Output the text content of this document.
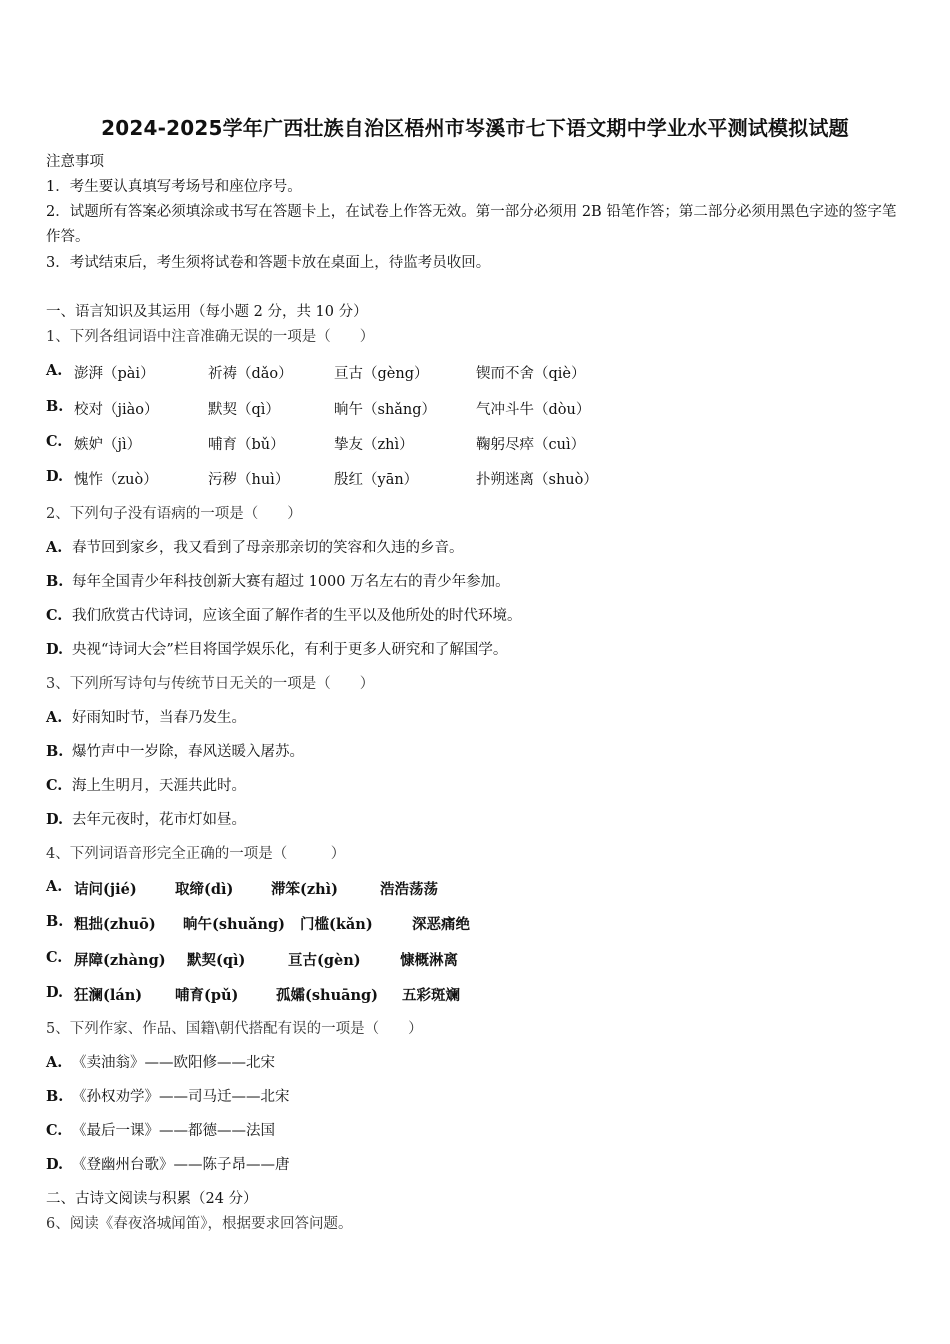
2024-2025学年广西壮族自治区梧州市岑溪市七下语文期中学业水平测试模拟试题
注意事项
1．考生要认真填写考场号和座位序号。
2．试题所有答案必须填涂或书写在答题卡上，在试卷上作答无效。第一部分必须用 2B 铅笔作答；第二部分必须用黑色字迹的签字笔作答。
3．考试结束后，考生须将试卷和答题卡放在桌面上，待监考员收回。
一、语言知识及其运用（每小题 2 分，共 10 分）
1、下列各组词语中注音准确无误的一项是（　　）
A. 澎湃（pài）	祈祷（dǎo）	亘古（gèng）	锲而不舍（qiè）
B. 校对（jiào）	默契（qì）	晌午（shǎng）	气冲斗牛（dòu）
C. 嫉妒（jì）	哺育（bǔ）	挚友（zhì）	鞠躬尽瘁（cuì）
D. 愧怍（zuò）	污秽（huì）	殷红（yān）	扑朔迷离（shuò）
2、下列句子没有语病的一项是（　　）
A. 春节回到家乡，我又看到了母亲那亲切的笑容和久违的乡音。
B. 每年全国青少年科技创新大赛有超过 1000 万名左右的青少年参加。
C. 我们欣赏古代诗词，应该全面了解作者的生平以及他所处的时代环境。
D. 央视“诗词大会”栏目将国学娱乐化，有利于更多人研究和了解国学。
3、下列所写诗句与传统节日无关的一项是（　　）
A. 好雨知时节，当春乃发生。
B. 爆竹声中一岁除，春风送暖入屠苏。
C. 海上生明月，天涯共此时。
D. 去年元夜时，花市灯如昼。
4、下列词语音形完全正确的一项是（　　　）
A. 诘问(jié)	取缔(dì)	滞笨(zhì)	浩浩荡荡
B. 粗拙(zhuō) 晌午(shuǎng) 门槛(kǎn)	深恶痛绝
C. 屏障(zhàng) 默契(qì)	亘古(gèn)	慷概淋离
D. 狂澜(lán) 哺育(pǔ)	孤孀(shuāng) 五彩斑斓
5、下列作家、作品、国籍\朝代搭配有误的一项是（　　）
A. 《卖油翁》——欧阳修——北宋
B. 《孙权劝学》——司马迁——北宋
C. 《最后一课》——都德——法国
D. 《登幽州台歌》——陈子昂——唐
二、古诗文阅读与积累（24 分）
6、阅读《春夜洛城闻笛》，根据要求回答问题。
